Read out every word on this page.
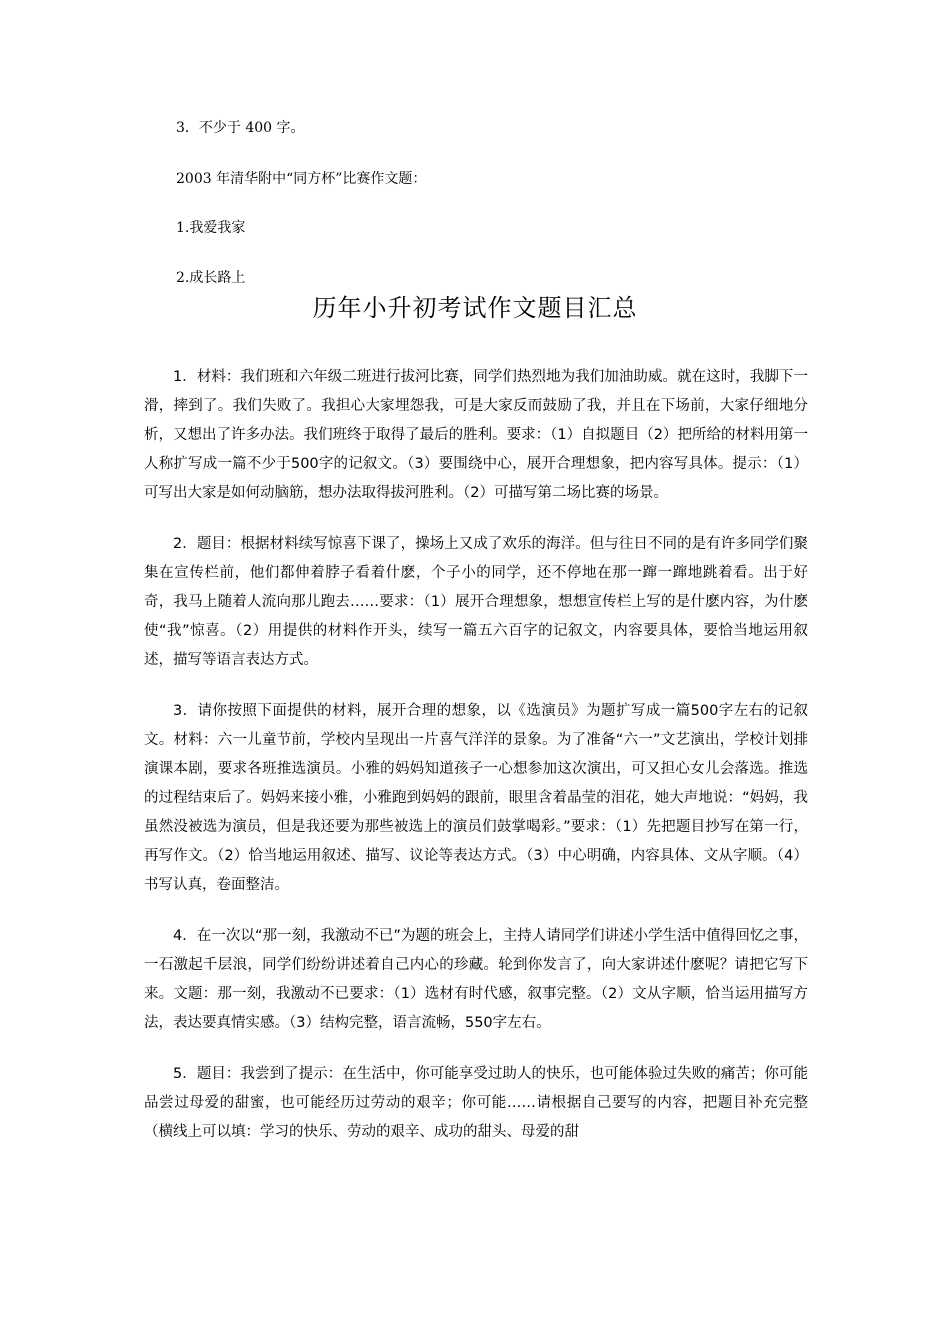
3．不少于 400 字。
2003 年清华附中“同方杯”比赛作文题：
1.我爱我家
2.成长路上
历年小升初考试作文题目汇总

1．材料：我们班和六年级二班进行拔河比赛，同学们热烈地为我们加油助威。就在这时，我脚下一滑，摔到了。我们失败了。我担心大家埋怨我，可是大家反而鼓励了我，并且在下场前，大家仔细地分析，又想出了许多办法。我们班终于取得了最后的胜利。要求：（1）自拟题目（2）把所给的材料用第一人称扩写成一篇不少于500字的记叙文。（3）要围绕中心，展开合理想象，把内容写具体。提示：（1）可写出大家是如何动脑筋，想办法取得拔河胜利。（2）可描写第二场比赛的场景。

2．题目：根据材料续写惊喜下课了，操场上又成了欢乐的海洋。但与往日不同的是有许多同学们聚集在宣传栏前，他们都伸着脖子看着什麽，个子小的同学，还不停地在那一蹿一蹿地跳着看。出于好奇，我马上随着人流向那儿跑去……要求：（1）展开合理想象，想想宣传栏上写的是什麽内容，为什麽使“我”惊喜。（2）用提供的材料作开头，续写一篇五六百字的记叙文，内容要具体，要恰当地运用叙述，描写等语言表达方式。

3．请你按照下面提供的材料，展开合理的想象，以《选演员》为题扩写成一篇500字左右的记叙文。材料：六一儿童节前，学校内呈现出一片喜气洋洋的景象。为了准备“六一”文艺演出，学校计划排演课本剧，要求各班推选演员。小雅的妈妈知道孩子一心想参加这次演出，可又担心女儿会落选。推选的过程结束后了。妈妈来接小雅，小雅跑到妈妈的跟前，眼里含着晶莹的泪花，她大声地说：“妈妈，我虽然没被选为演员，但是我还要为那些被选上的演员们鼓掌喝彩。”要求：（1）先把题目抄写在第一行，再写作文。（2）恰当地运用叙述、描写、议论等表达方式。（3）中心明确，内容具体、文从字顺。（4）书写认真，卷面整洁。

4．在一次以“那一刻，我激动不已”为题的班会上，主持人请同学们讲述小学生活中值得回忆之事，一石激起千层浪，同学们纷纷讲述着自己内心的珍藏。轮到你发言了，向大家讲述什麽呢？请把它写下来。文题：那一刻，我激动不已要求：（1）选材有时代感，叙事完整。（2）文从字顺，恰当运用描写方法，表达要真情实感。（3）结构完整，语言流畅，550字左右。

5．题目：我尝到了提示：在生活中，你可能享受过助人的快乐，也可能体验过失败的痛苦；你可能品尝过母爱的甜蜜，也可能经历过劳动的艰辛；你可能……请根据自己要写的内容，把题目补充完整（横线上可以填：学习的快乐、劳动的艰辛、成功的甜头、母爱的甜
